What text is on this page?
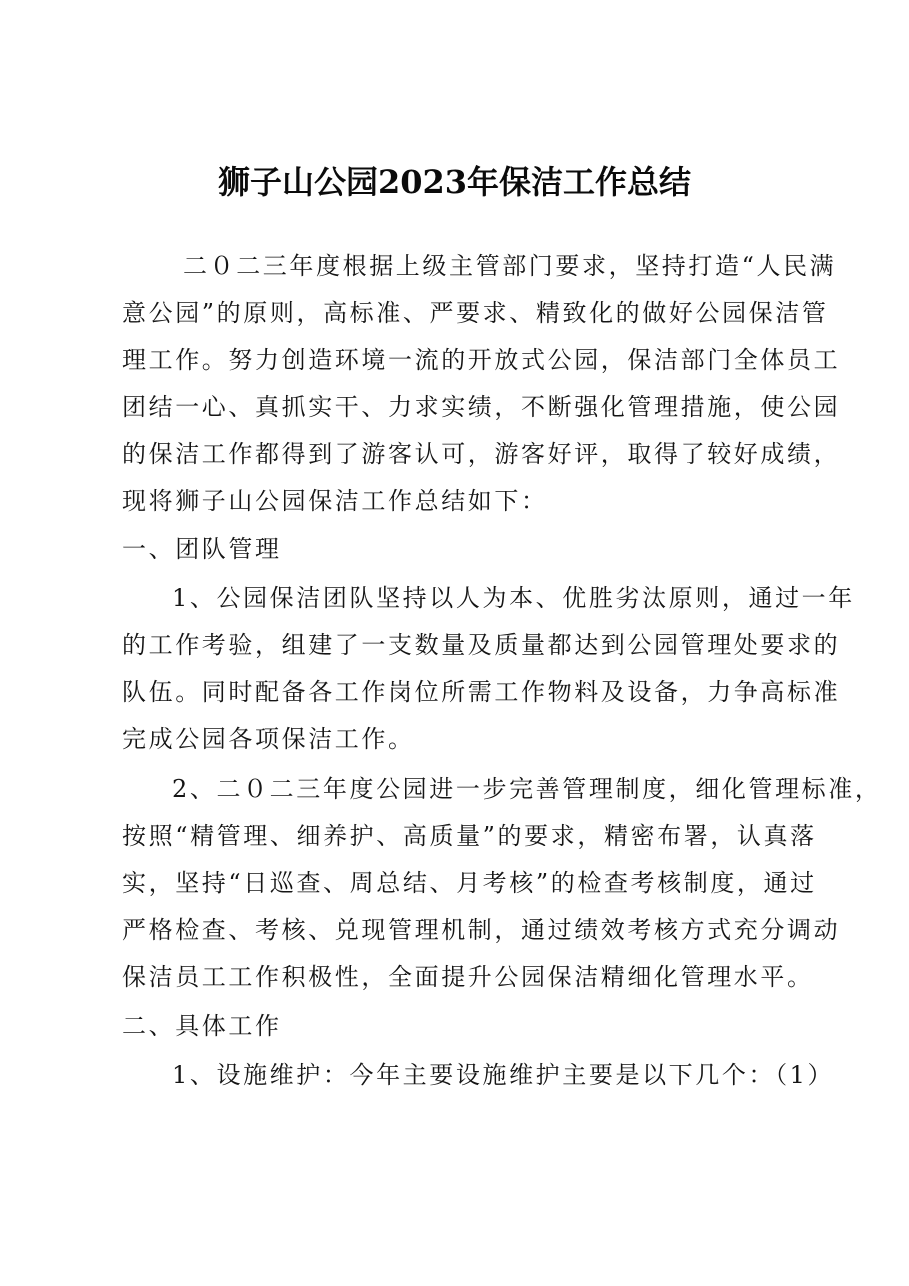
狮子山公园2023年保洁工作总结
二０二三年度根据上级主管部门要求，坚持打造“人民满
意公园”的原则，高标准、严要求、精致化的做好公园保洁管
理工作。努力创造环境一流的开放式公园，保洁部门全体员工
团结一心、真抓实干、力求实绩，不断强化管理措施，使公园
的保洁工作都得到了游客认可，游客好评，取得了较好成绩，
现将狮子山公园保洁工作总结如下：
一、团队管理
1、公园保洁团队坚持以人为本、优胜劣汰原则，通过一年
的工作考验，组建了一支数量及质量都达到公园管理处要求的
队伍。同时配备各工作岗位所需工作物料及设备，力争高标准
完成公园各项保洁工作。
2、二０二三年度公园进一步完善管理制度，细化管理标准，
按照“精管理、细养护、高质量”的要求，精密布署，认真落
实，坚持“日巡查、周总结、月考核”的检查考核制度，通过
严格检查、考核、兑现管理机制，通过绩效考核方式充分调动
保洁员工工作积极性，全面提升公园保洁精细化管理水平。
二、具体工作
1、设施维护：今年主要设施维护主要是以下几个：（1）
